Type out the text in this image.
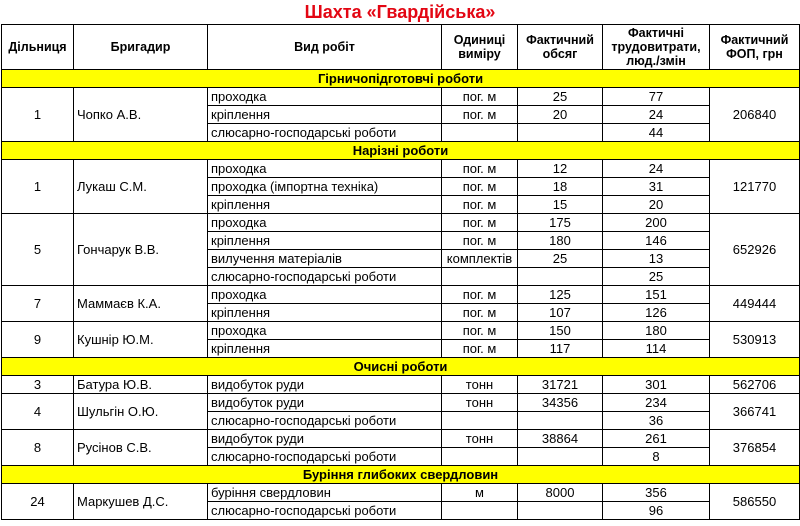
Шахта «Гвардійська»
Дільниця	Бригадир	Вид робіт	Одиниці виміру	Фактичний обсяг	Фактичні трудовитрати, люд./змін	Фактичний ФОП, грн
Гірничопідготовчі роботи						
1	Чопко А.В.	проходка	пог. м	25	77	206840
		кріплення	пог. м	20	24	
		слюсарно-господарські роботи			44	
Нарізні роботи						
1	Лукаш С.М.	проходка	пог. м	12	24	121770
		проходка (імпортна техніка)	пог. м	18	31	
		кріплення	пог. м	15	20	
5	Гончарук В.В.	проходка	пог. м	175	200	652926
		кріплення	пог. м	180	146	
		вилучення матеріалів	комплектів	25	13	
		слюсарно-господарські роботи			25	
7	Маммаєв К.А.	проходка	пог. м	125	151	449444
		кріплення	пог. м	107	126	
9	Кушнір Ю.М.	проходка	пог. м	150	180	530913
		кріплення	пог. м	117	114	
Очисні роботи						
3	Батура Ю.В.	видобуток руди	тонн	31721	301	562706
4	Шульгін О.Ю.	видобуток руди	тонн	34356	234	366741
		слюсарно-господарські роботи			36	
8	Русінов С.В.	видобуток руди	тонн	38864	261	376854
		слюсарно-господарські роботи			8	
Буріння глибоких свердловин						
24	Маркушев Д.С.	буріння свердловин	м	8000	356	586550
		слюсарно-господарські роботи			96	
